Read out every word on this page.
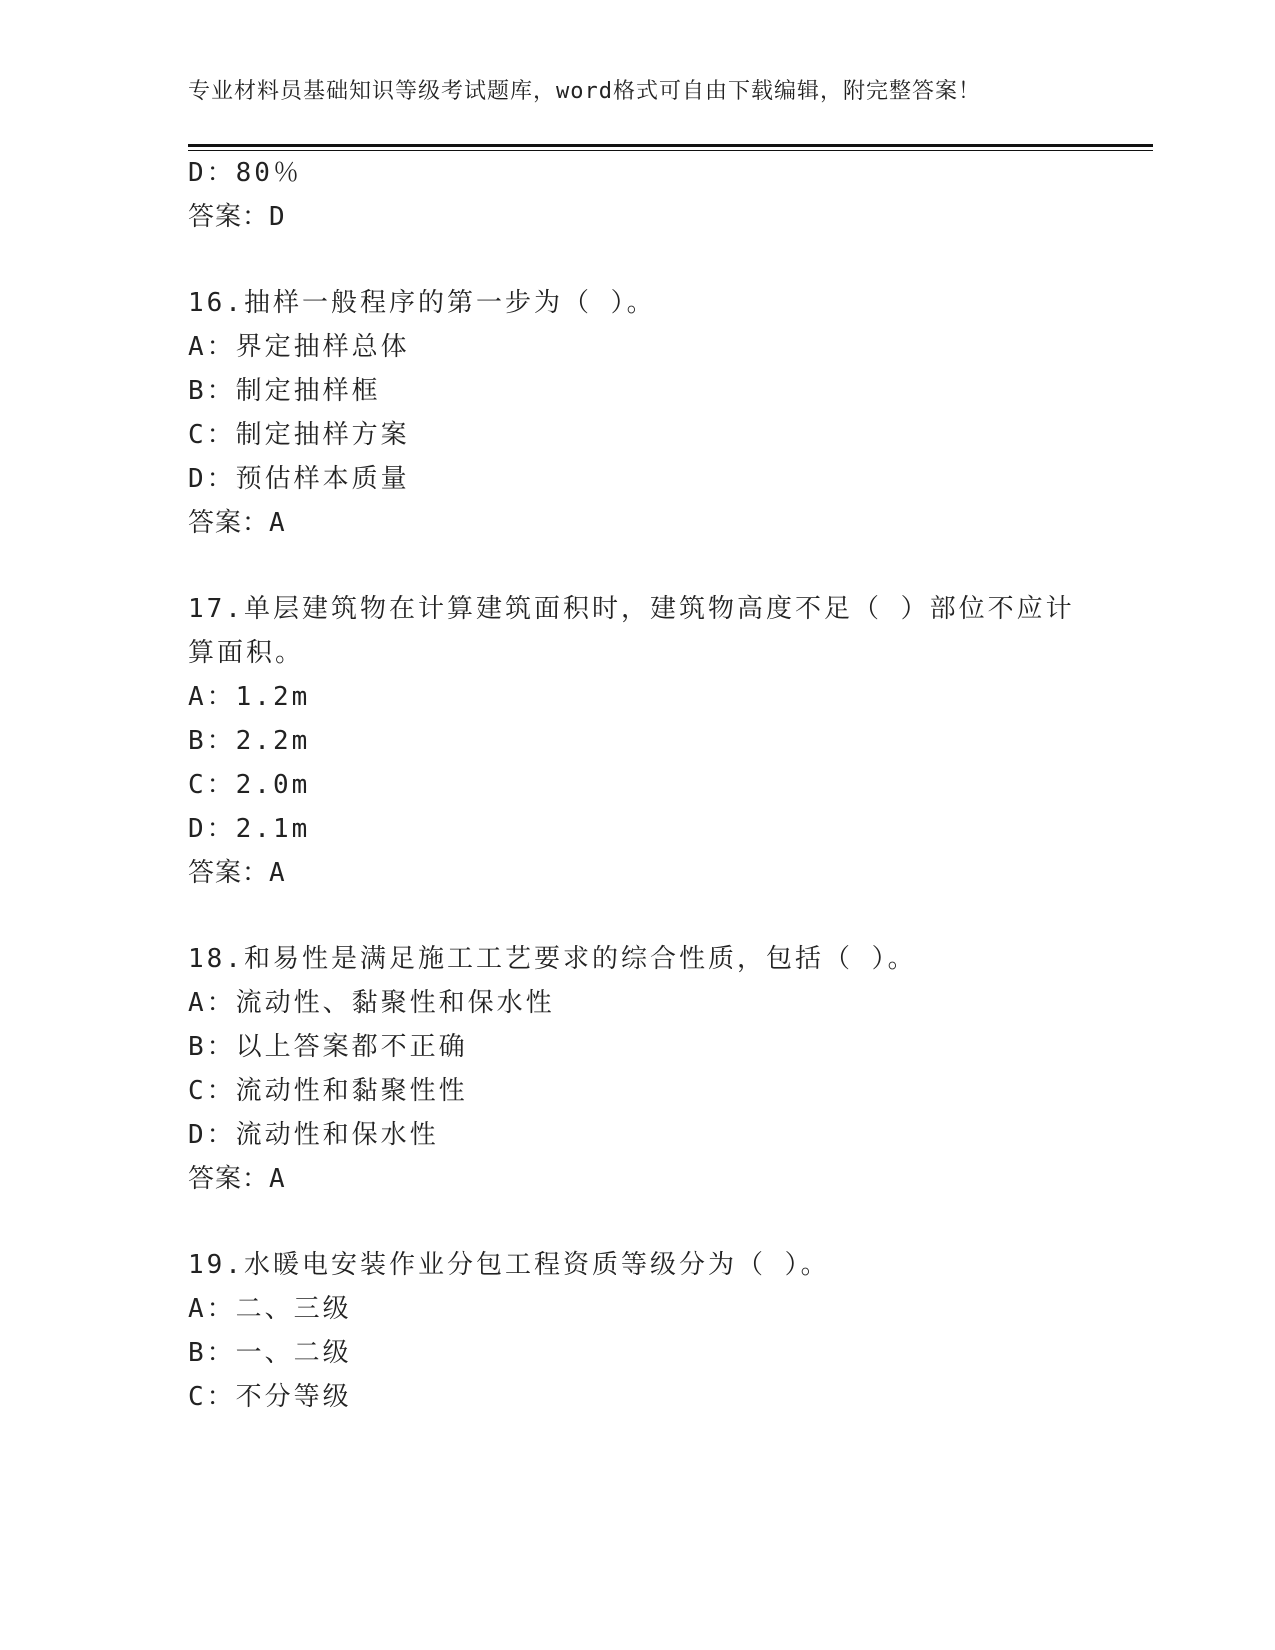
专业材料员基础知识等级考试题库，word格式可自由下载编辑，附完整答案！
D：80％
答案：D
16.抽样一般程序的第一步为（ ）。
A：界定抽样总体
B：制定抽样框
C：制定抽样方案
D：预估样本质量
答案：A
17.单层建筑物在计算建筑面积时，建筑物高度不足（ ）部位不应计
算面积。
A：1.2m
B：2.2m
C：2.0m
D：2.1m
答案：A
18.和易性是满足施工工艺要求的综合性质，包括（ ）。
A：流动性、黏聚性和保水性
B：以上答案都不正确
C：流动性和黏聚性性
D：流动性和保水性
答案：A
19.水暖电安装作业分包工程资质等级分为（ ）。
A：二、三级
B：一、二级
C：不分等级
